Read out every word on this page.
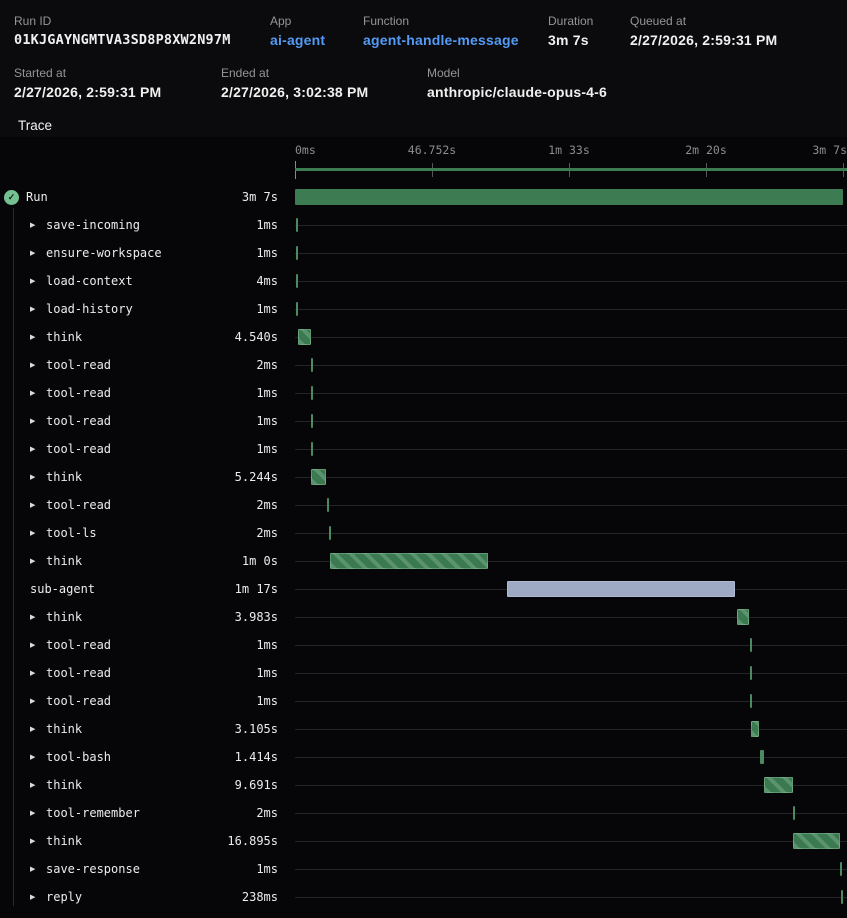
Run ID
01KJGAYNGMTVA3SD8P8XW2N97M
App
ai-agent
Function
agent-handle-message
Duration
3m 7s
Queued at
2/27/2026, 2:59:31 PM
Started at
2/27/2026, 2:59:31 PM
Ended at
2/27/2026, 3:02:38 PM
Model
anthropic/claude-opus-4-6
Trace
0ms	46.752s	1m 33s	2m 20s	3m 7s
✓ Run	3m 7s
▶ save-incoming	1ms
▶ ensure-workspace	1ms
▶ load-context	4ms
▶ load-history	1ms
▶ think	4.540s
▶ tool-read	2ms
▶ tool-read	1ms
▶ tool-read	1ms
▶ tool-read	1ms
▶ think	5.244s
▶ tool-read	2ms
▶ tool-ls	2ms
▶ think	1m 0s
sub-agent	1m 17s
▶ think	3.983s
▶ tool-read	1ms
▶ tool-read	1ms
▶ tool-read	1ms
▶ think	3.105s
▶ tool-bash	1.414s
▶ think	9.691s
▶ tool-remember	2ms
▶ think	16.895s
▶ save-response	1ms
▶ reply	238ms
